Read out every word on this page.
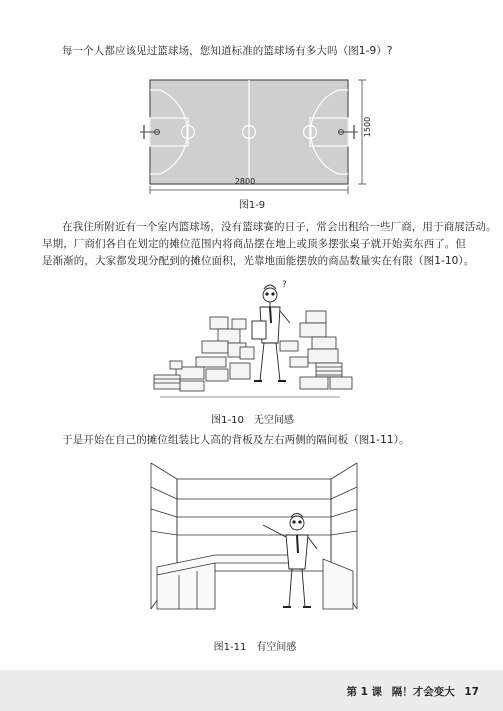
每一个人都应该见过篮球场，您知道标准的篮球场有多大吗（图1-9）?

1500
2800
图1-9

在我住所附近有一个室内篮球场，没有篮球赛的日子，常会出租给一些厂商，用于商展活动。

早期，厂商们各自在划定的摊位范围内将商品摆在地上或顶多摆张桌子就开始卖东西了。但

是渐渐的，大家都发现分配到的摊位面积，光靠地面能摆放的商品数量实在有限（图1-10）。

?
图1-10　无空间感

于是开始在自己的摊位组装比人高的背板及左右两侧的隔间板（图1-11）。

图1-11　有空间感
第 1 课 隔！才会变大 17
